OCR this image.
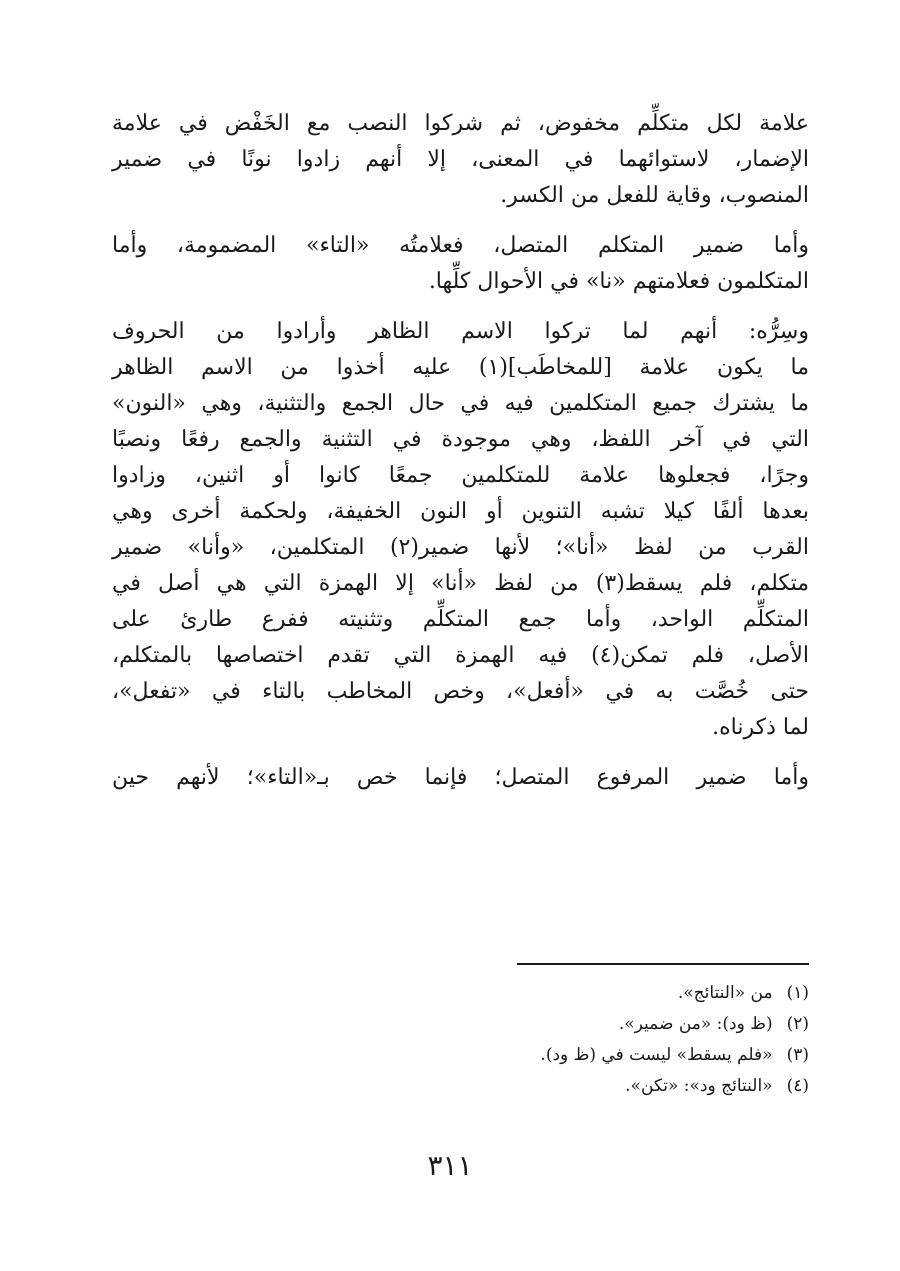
علامة لكل متكلِّم مخفوض، ثم شركوا النصب مع الخَفْض في علامة
الإضمار، لاستوائهما في المعنى، إلا أنهم زادوا نونًا في ضمير
المنصوب، وقاية للفعل من الكسر.
وأما ضمير المتكلم المتصل، فعلامتُه «التاء» المضمومة، وأما
المتكلمون فعلامتهم «نا» في الأحوال كلِّها.
وسِرُّه: أنهم لما تركوا الاسم الظاهر وأرادوا من الحروف
ما يكون علامة [للمخاطَب](١) عليه أخذوا من الاسم الظاهر
ما يشترك جميع المتكلمين فيه في حال الجمع والتثنية، وهي «النون»
التي في آخر اللفظ، وهي موجودة في التثنية والجمع رفعًا ونصبًا
وجرًا، فجعلوها علامة للمتكلمين جمعًا كانوا أو اثنين، وزادوا
بعدها ألفًا كيلا تشبه التنوين أو النون الخفيفة، ولحكمة أخرى وهي
القرب من لفظ «أنا»؛ لأنها ضمير(٢) المتكلمين، «وأنا» ضمير
متكلم، فلم يسقط(٣) من لفظ «أنا» إلا الهمزة التي هي أصل في
المتكلِّم الواحد، وأما جمع المتكلِّم وتثنيته ففرع طارئ على
الأصل، فلم تمكن(٤) فيه الهمزة التي تقدم اختصاصها بالمتكلم،
حتى خُصَّت به في «أفعل»، وخص المخاطب بالتاء في «تفعل»،
لما ذكرناه.
وأما ضمير المرفوع المتصل؛ فإنما خص بـ«التاء»؛ لأنهم حين
(١)من «النتائج».
(٢)(ظ ود): «من ضمير».
(٣)«فلم يسقط» ليست في (ظ ود).
(٤)«النتائج ود»: «تكن».
٣١١
